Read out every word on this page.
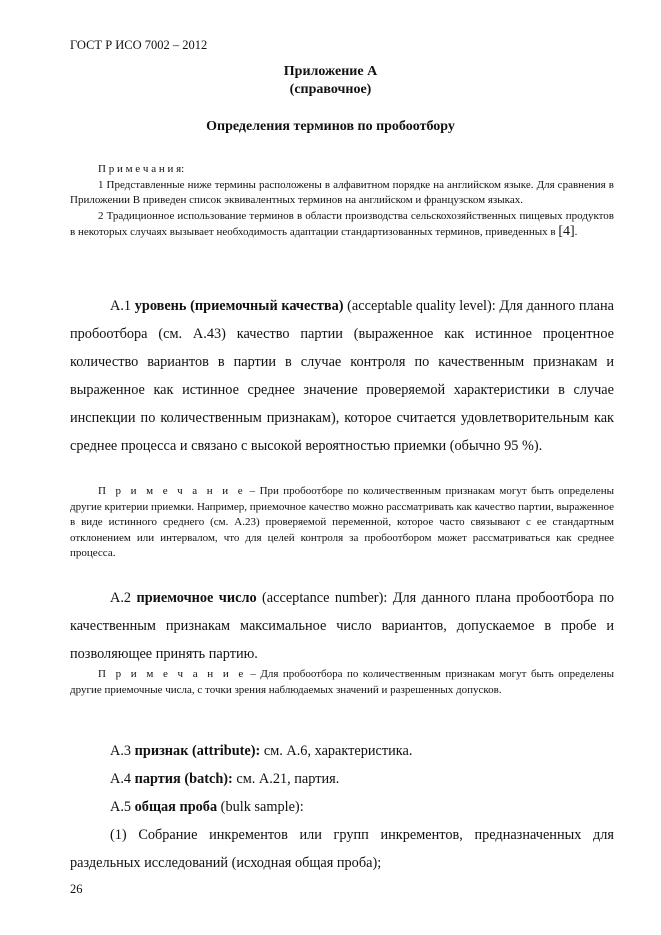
ГОСТ Р ИСО 7002 – 2012
Приложение А
(справочное)
Определения терминов по пробоотбору

П р и м е ч а н и я:

1 Представленные ниже термины расположены в алфавитном порядке на английском языке. Для сравнения в Приложении В приведен список эквивалентных терминов на английском и французском языках.

2 Традиционное использование терминов в области производства сельскохозяйственных пищевых продуктов в некоторых случаях вызывает необходимость адаптации стандартизованных терминов, приведенных в [4].

А.1 уровень (приемочный качества) (acceptable quality level): Для данного плана пробоотбора (см. А.43) качество партии (выраженное как истинное процентное количество вариантов в партии в случае контроля по качественным признакам и выраженное как истинное среднее значение проверяемой характеристики в случае инспекции по количественным признакам), которое считается удовлетворительным как среднее процесса и связано с высокой вероятностью приемки (обычно 95 %).

П р и м е ч а н и е – При пробоотборе по количественным признакам могут быть определены другие критерии приемки. Например, приемочное качество можно рассматривать как качество партии, выраженное в виде истинного среднего (см. А.23) проверяемой переменной, которое часто связывают с ее стандартным отклонением или интервалом, что для целей контроля за пробоотбором может рассматриваться как среднее процесса.

А.2 приемочное число (acceptance number): Для данного плана пробоотбора по качественным признакам максимальное число вариантов, допускаемое в пробе и позволяющее принять партию.

П р и м е ч а н и е – Для пробоотбора по количественным признакам могут быть определены другие приемочные числа, с точки зрения наблюдаемых значений и разрешенных допусков.

А.3 признак (attribute): см. А.6, характеристика.

А.4 партия (batch): см. А.21, партия.

А.5 общая проба (bulk sample):

(1) Собрание инкрементов или групп инкрементов, предназначенных для раздельных исследований (исходная общая проба);

26
